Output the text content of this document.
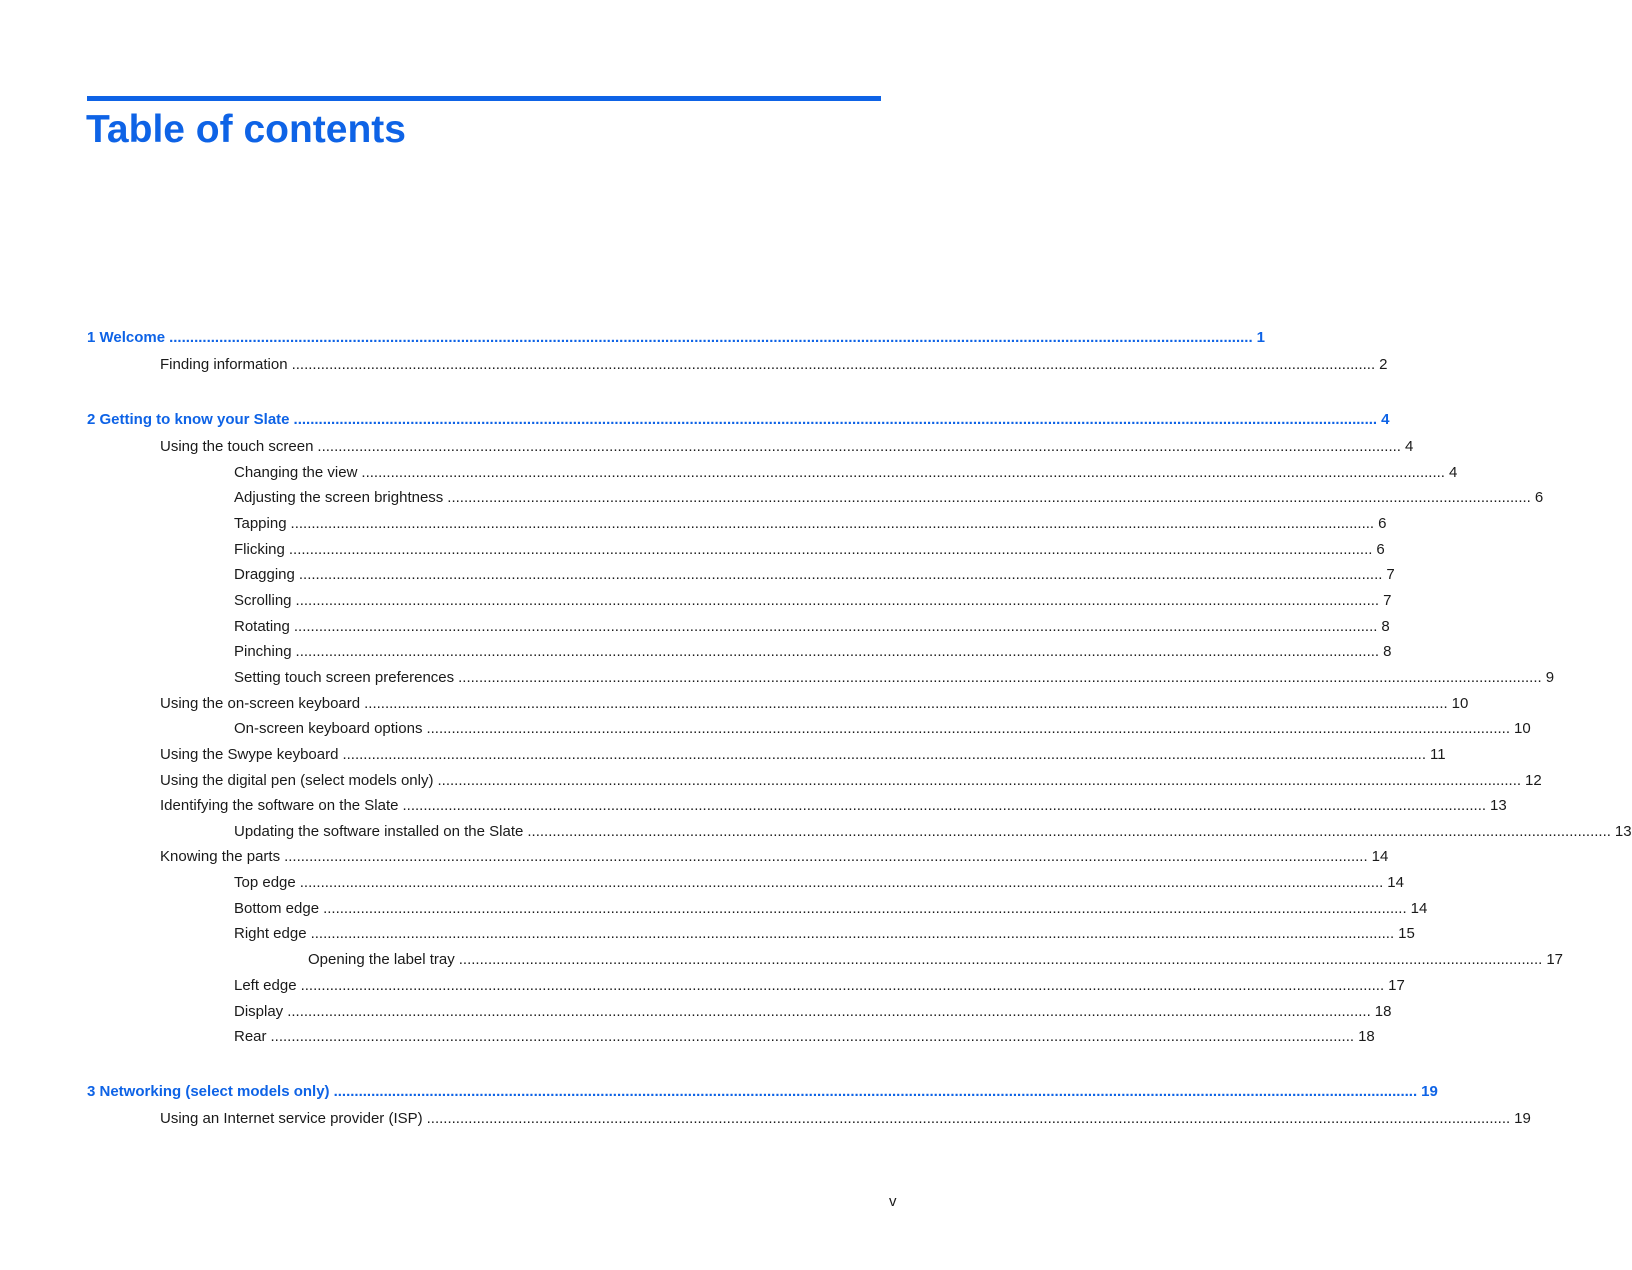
Table of contents
1 Welcome .................................................................................................................................................................................................................................................................... 1
Finding information .................................................................................................................................................................................................................................................................... 2
2 Getting to know your Slate .................................................................................................................................................................................................................................................................... 4
Using the touch screen .................................................................................................................................................................................................................................................................... 4
Changing the view .................................................................................................................................................................................................................................................................... 4
Adjusting the screen brightness .................................................................................................................................................................................................................................................................... 6
Tapping .................................................................................................................................................................................................................................................................... 6
Flicking .................................................................................................................................................................................................................................................................... 6
Dragging .................................................................................................................................................................................................................................................................... 7
Scrolling .................................................................................................................................................................................................................................................................... 7
Rotating .................................................................................................................................................................................................................................................................... 8
Pinching .................................................................................................................................................................................................................................................................... 8
Setting touch screen preferences .................................................................................................................................................................................................................................................................... 9
Using the on-screen keyboard .................................................................................................................................................................................................................................................................... 10
On-screen keyboard options .................................................................................................................................................................................................................................................................... 10
Using the Swype keyboard .................................................................................................................................................................................................................................................................... 11
Using the digital pen (select models only) .................................................................................................................................................................................................................................................................... 12
Identifying the software on the Slate .................................................................................................................................................................................................................................................................... 13
Updating the software installed on the Slate .................................................................................................................................................................................................................................................................... 13
Knowing the parts .................................................................................................................................................................................................................................................................... 14
Top edge .................................................................................................................................................................................................................................................................... 14
Bottom edge .................................................................................................................................................................................................................................................................... 14
Right edge .................................................................................................................................................................................................................................................................... 15
Opening the label tray .................................................................................................................................................................................................................................................................... 17
Left edge .................................................................................................................................................................................................................................................................... 17
Display .................................................................................................................................................................................................................................................................... 18
Rear .................................................................................................................................................................................................................................................................... 18
3 Networking (select models only) .................................................................................................................................................................................................................................................................... 19
Using an Internet service provider (ISP) .................................................................................................................................................................................................................................................................... 19
v
